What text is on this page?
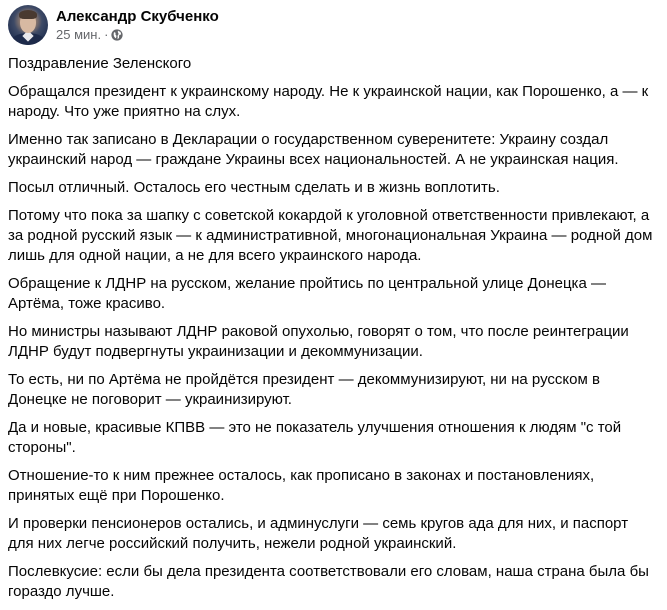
Александр Скубченко
25 мин. ·

Поздравление Зеленского

Обращался президент к украинскому народу. Не к украинской нации, как Порошенко, а — к народу. Что уже приятно на слух.

Именно так записано в Декларации о государственном суверенитете: Украину создал украинский народ — граждане Украины всех национальностей. А не украинская нация.

Посыл отличный. Осталось его честным сделать и в жизнь воплотить.

Потому что пока за шапку с советской кокардой к уголовной ответственности привлекают, а за родной русский язык — к административной, многонациональная Украина — родной дом лишь для одной нации, а не для всего украинского народа.

Обращение к ЛДНР на русском, желание пройтись по центральной улице Донецка — Артёма, тоже красиво.

Но министры называют ЛДНР раковой опухолью, говорят о том, что после реинтеграции ЛДНР будут подвергнуты украинизации и декоммунизации.

То есть, ни по Артёма не пройдётся президент — декоммунизируют, ни на русском в Донецке не поговорит — украинизируют.

Да и новые, красивые КПВВ — это не показатель улучшения отношения к людям "с той стороны".

Отношение-то к ним прежнее осталось, как прописано в законах и постановлениях, принятых ещё при Порошенко.

И проверки пенсионеров остались, и админуслуги — семь кругов ада для них, и паспорт для них легче российский получить, нежели родной украинский.

Послевкусие: если бы дела президента соответствовали его словам, наша страна была бы гораздо лучше.
